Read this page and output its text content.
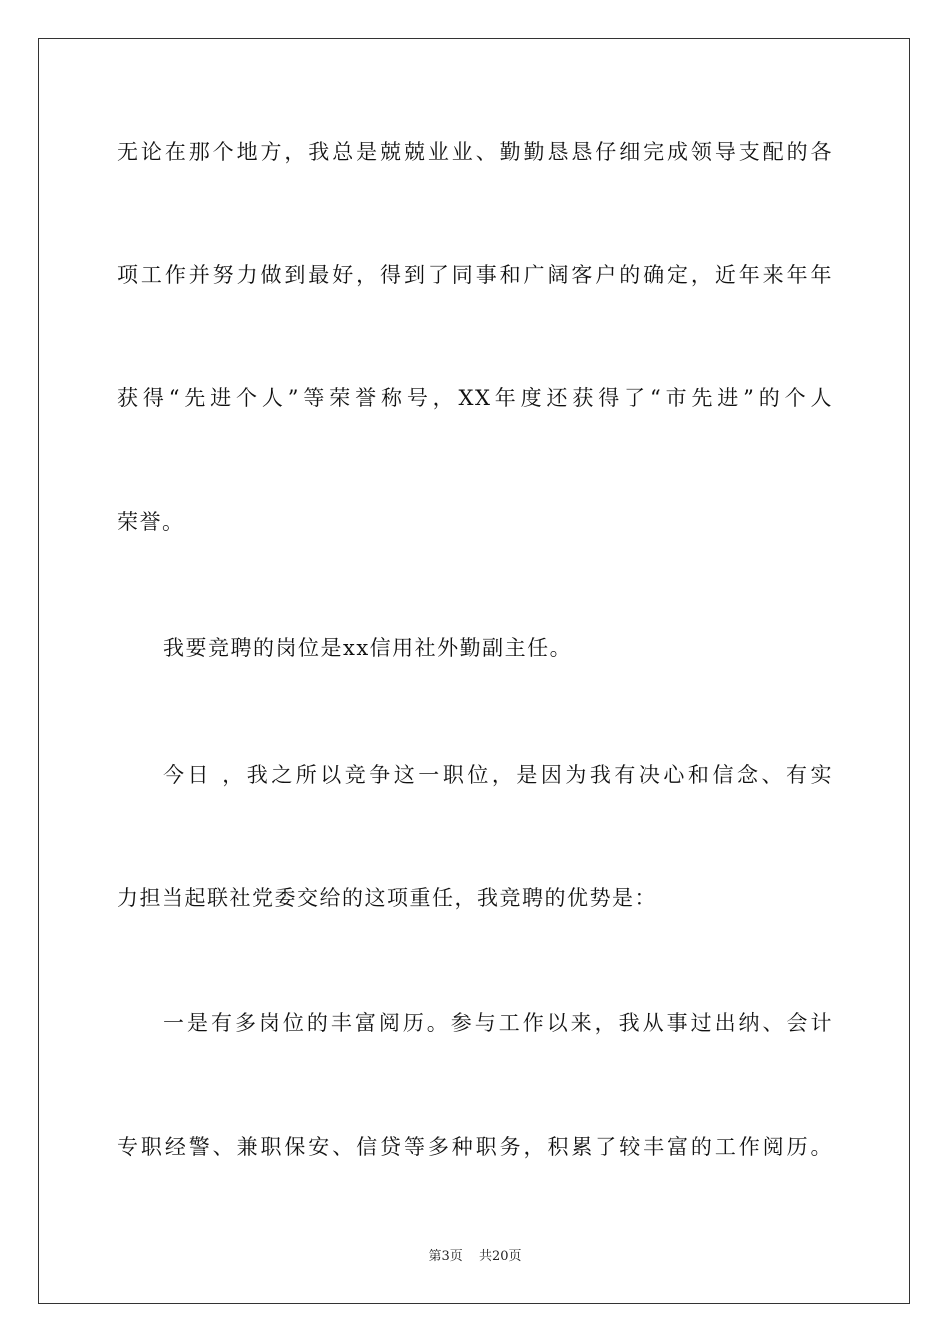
无论在那个地方，我总是兢兢业业、勤勤恳恳仔细完成领导支配的各
项工作并努力做到最好，得到了同事和广阔客户的确定，近年来年年
获得“先进个人”等荣誉称号，XX年度还获得了“市先进”的个人
荣誉。
我要竞聘的岗位是xx信用社外勤副主任。
今日 ，我之所以竞争这一职位，是因为我有决心和信念、有实
力担当起联社党委交给的这项重任，我竞聘的优势是：
一是有多岗位的丰富阅历。参与工作以来，我从事过出纳、会计
专职经警、兼职保安、信贷等多种职务，积累了较丰富的工作阅历。
第3页 共20页
